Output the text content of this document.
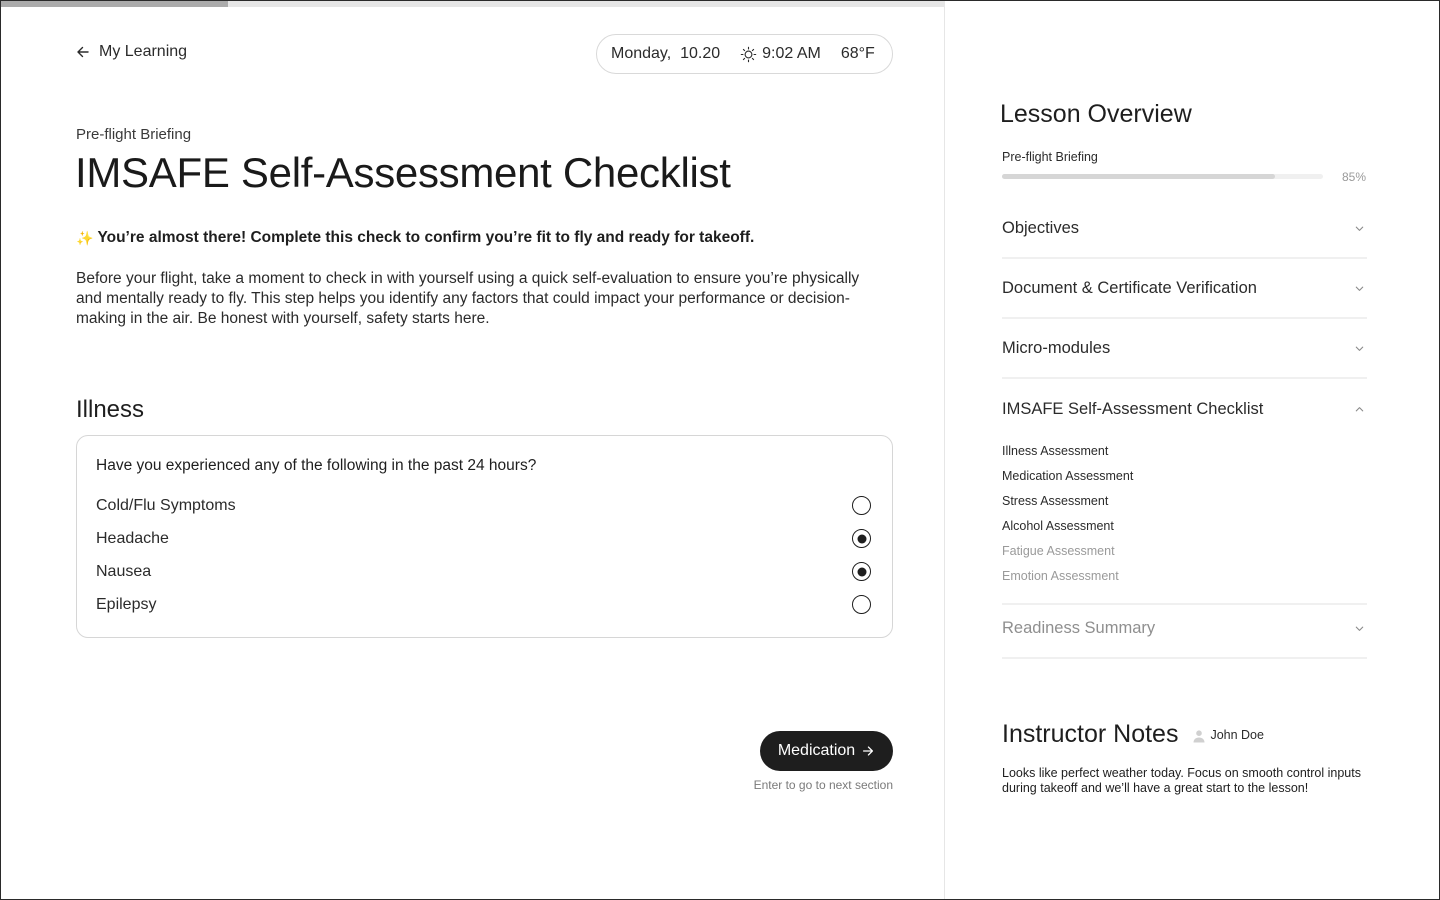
My Learning	Monday,  10.20	9:02 AM 68°F
Pre-flight Briefing
IMSAFE Self-Assessment Checklist
✨ You’re almost there! Complete this check to confirm you’re fit to fly and ready for takeoff.

Before your flight, take a moment to check in with yourself using a quick self-evaluation to ensure you’re physically and mentally ready to fly. This step helps you identify any factors that could impact your performance or decision-making in the air. Be honest with yourself, safety starts here.

Illness
Have you experienced any of the following in the past 24 hours?
Cold/Flu Symptoms
Headache
Nausea
Epilepsy
Medication
Enter to go to next section
Lesson Overview
Pre-flight Briefing
85%
Objectives
Document & Certificate Verification
Micro-modules
IMSAFE Self-Assessment Checklist
Illness Assessment
Medication Assessment
Stress Assessment
Alcohol Assessment
Fatigue Assessment
Emotion Assessment
Readiness Summary
Instructor Notes	John Doe

Looks like perfect weather today. Focus on smooth control inputs during takeoff and we’ll have a great start to the lesson!
